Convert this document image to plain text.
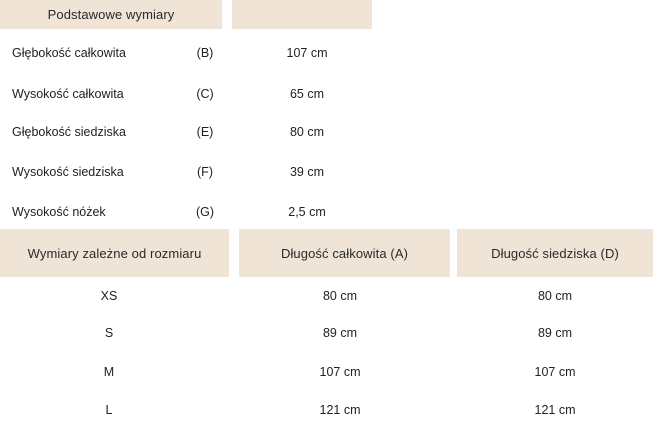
Podstawowe wymiary
Głębokość całkowita	(B)	107 cm
Wysokość całkowita	(C)	65 cm
Głębokość siedziska	(E)	80 cm
Wysokość siedziska	(F)	39 cm
Wysokość nóżek	(G)	2,5 cm
Wymiary zależne od rozmiaru	Długość całkowita (A)	Długość siedziska (D)
XS	80 cm	80 cm
S	89 cm	89 cm
M	107 cm	107 cm
L	121 cm	121 cm
